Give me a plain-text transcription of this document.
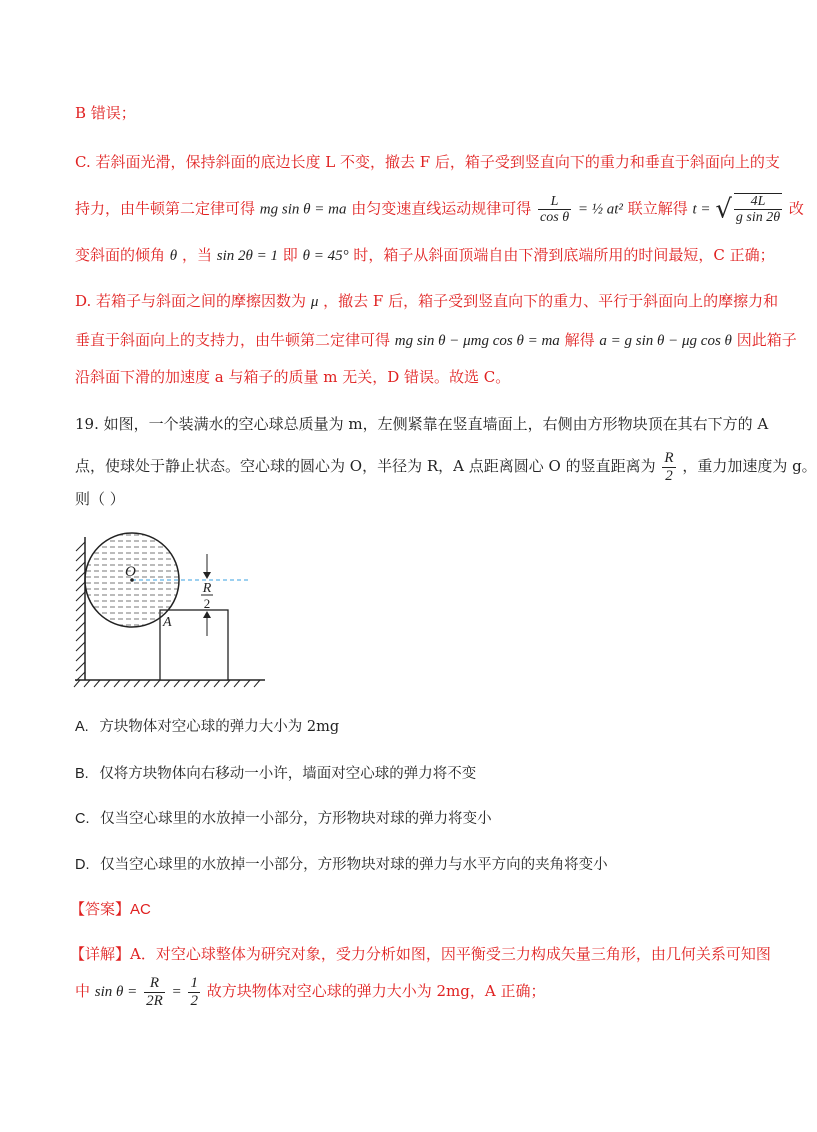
B 错误；
C. 若斜面光滑，保持斜面的底边长度 L 不变，撤去 F 后，箱子受到竖直向下的重力和垂直于斜面向上的支
持力，由牛顿第二定律可得 mg sin θ = ma 由匀变速直线运动规律可得 $\frac{L}{\text{cos θ}}$ = ½ at² 联立解得 t = √ $\frac{4L}{\text{g sin 2θ}}$ 改
变斜面的倾角 θ ，当 sin 2θ = 1 即 θ = 45° 时，箱子从斜面顶端自由下滑到底端所用的时间最短，C 正确；
D. 若箱子与斜面之间的摩擦因数为 μ ，撤去 F 后，箱子受到竖直向下的重力、平行于斜面向上的摩擦力和
垂直于斜面向上的支持力，由牛顿第二定律可得 mg sin θ − μmg cos θ = ma 解得 a = g sin θ − μg cos θ 因此箱子
沿斜面下滑的加速度 a 与箱子的质量 m 无关，D 错误。故选 C。
19. 如图，一个装满水的空心球总质量为 m，左侧紧靠在竖直墙面上，右侧由方形物块顶在其右下方的 A
点，使球处于静止状态。空心球的圆心为 O，半径为 R，A 点距离圆心 O 的竖直距离为 $\frac{R}{2}$ ，重力加速度为 g。
则（ ）
R
2
O
A
A. 方块物体对空心球的弹力大小为 2mg
B. 仅将方块物体向右移动一小许，墙面对空心球的弹力将不变
C. 仅当空心球里的水放掉一小部分，方形物块对球的弹力将变小
D. 仅当空心球里的水放掉一小部分，方形物块对球的弹力与水平方向的夹角将变小
【答案】AC
【详解】A．对空心球整体为研究对象，受力分析如图，因平衡受三力构成矢量三角形，由几何关系可知图
中 $\sin \theta = \frac{R}{2R} = \frac{1}{2}$ 故方块物体对空心球的弹力大小为 2mg，A 正确；
